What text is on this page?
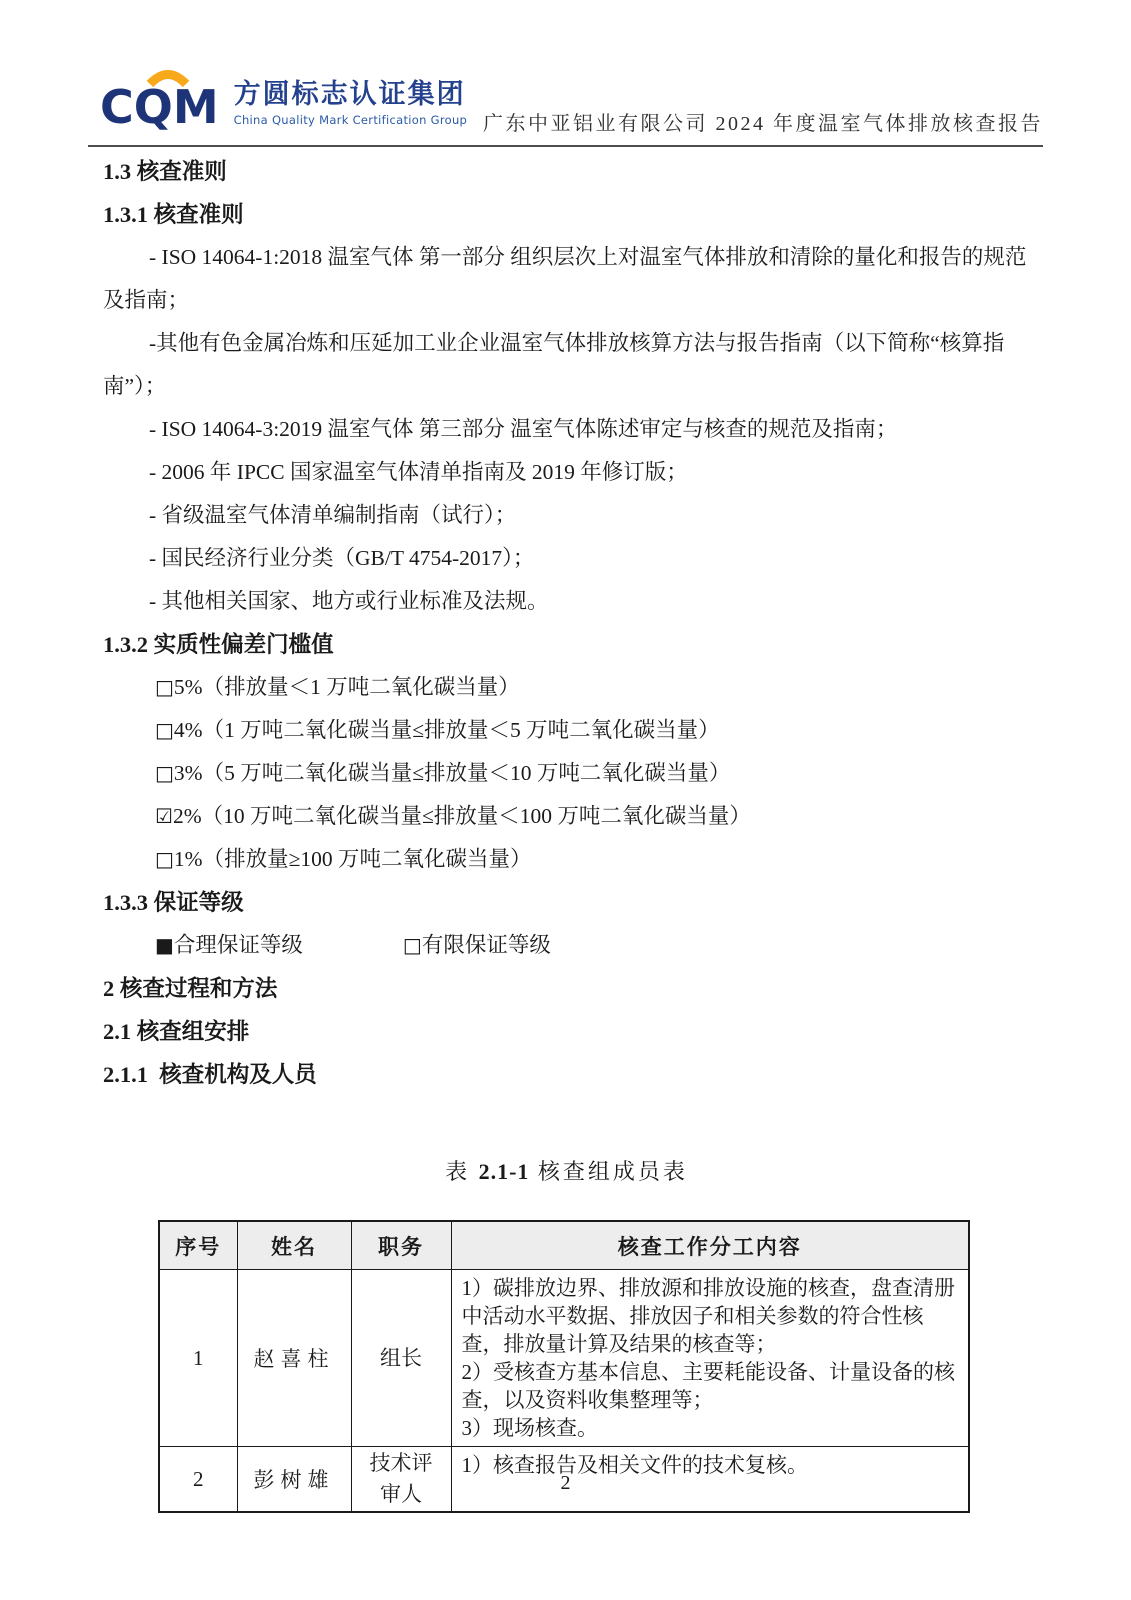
CQM 方圆标志认证集团
China Quality Mark Certification Group 广东中亚铝业有限公司 2024 年度温室气体排放核查报告

1.3 核查准则

1.3.1 核查准则

- ISO 14064-1:2018 温室气体 第一部分 组织层次上对温室气体排放和清除的量化和报告的规范及指南；

-其他有色金属冶炼和压延加工业企业温室气体排放核算方法与报告指南（以下简称“核算指南”）；

- ISO 14064-3:2019 温室气体 第三部分 温室气体陈述审定与核查的规范及指南；

- 2006 年 IPCC 国家温室气体清单指南及 2019 年修订版；

- 省级温室气体清单编制指南（试行）；

- 国民经济行业分类（GB/T 4754-2017）；

- 其他相关国家、地方或行业标准及法规。

1.3.2 实质性偏差门槛值

□5%（排放量＜1 万吨二氧化碳当量）

□4%（1 万吨二氧化碳当量≤排放量＜5 万吨二氧化碳当量）

□3%（5 万吨二氧化碳当量≤排放量＜10 万吨二氧化碳当量）

☑2%（10 万吨二氧化碳当量≤排放量＜100 万吨二氧化碳当量）

□1%（排放量≥100 万吨二氧化碳当量）

1.3.3 保证等级

■合理保证等级	□有限保证等级

2 核查过程和方法

2.1 核查组安排

2.1.1  核查机构及人员

表 2.1-1 核查组成员表

序号	姓名	职务	核查工作分工内容
1	赵喜柱	组长	1）碳排放边界、排放源和排放设施的核查，盘查清册中活动水平数据、排放因子和相关参数的符合性核查，排放量计算及结果的核查等；
2）受核查方基本信息、主要耗能设备、计量设备的核查，以及资料收集整理等；
3）现场核查。

2	彭树雄	技术评审人	1）核查报告及相关文件的技术复核。
2
